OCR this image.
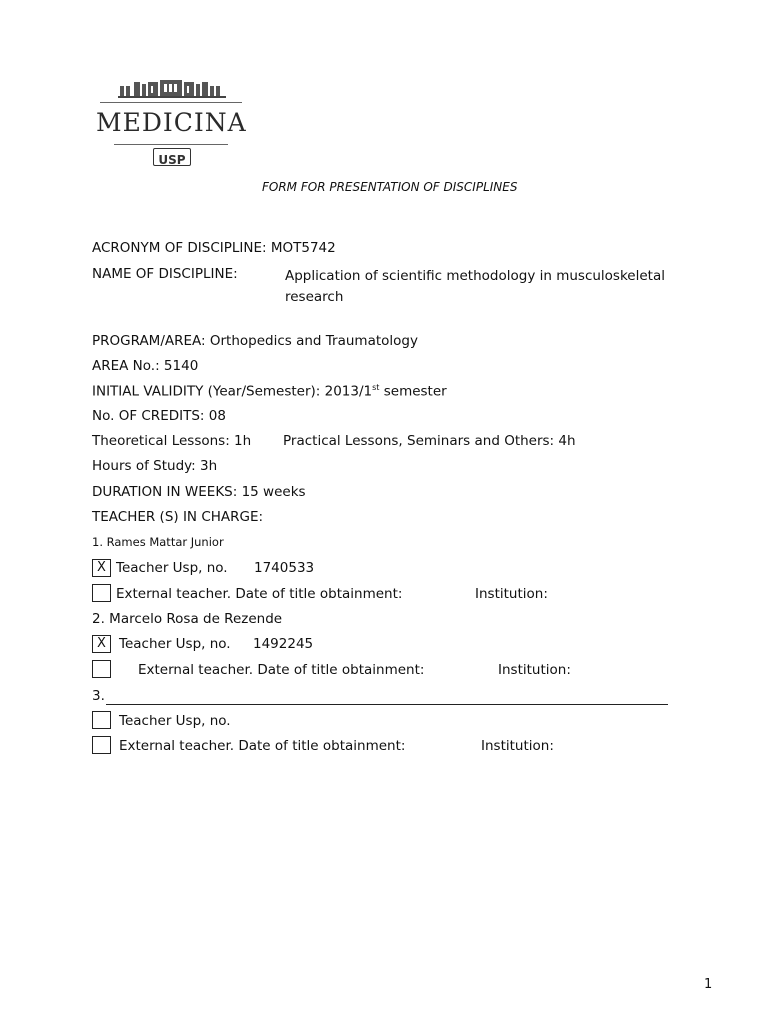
MEDICINA
USP
FORM FOR PRESENTATION OF DISCIPLINES
ACRONYM OF DISCIPLINE: MOT5742
NAME OF DISCIPLINE:	Application of scientific methodology in musculoskeletal research
PROGRAM/AREA: Orthopedics and Traumatology
AREA No.: 5140
INITIAL VALIDITY (Year/Semester): 2013/1st semester
No. OF CREDITS: 08
Theoretical Lessons: 1h Practical Lessons, Seminars and Others: 4h
Hours of Study: 3h
DURATION IN WEEKS: 15 weeks
TEACHER (S) IN CHARGE:
1. Rames Mattar Junior
X Teacher Usp, no. 1740533
External teacher. Date of title obtainment:	Institution:
2. Marcelo Rosa de Rezende
X Teacher Usp, no. 1492245
External teacher. Date of title obtainment:	Institution:
3.
Teacher Usp, no.
External teacher. Date of title obtainment:	Institution:
1
